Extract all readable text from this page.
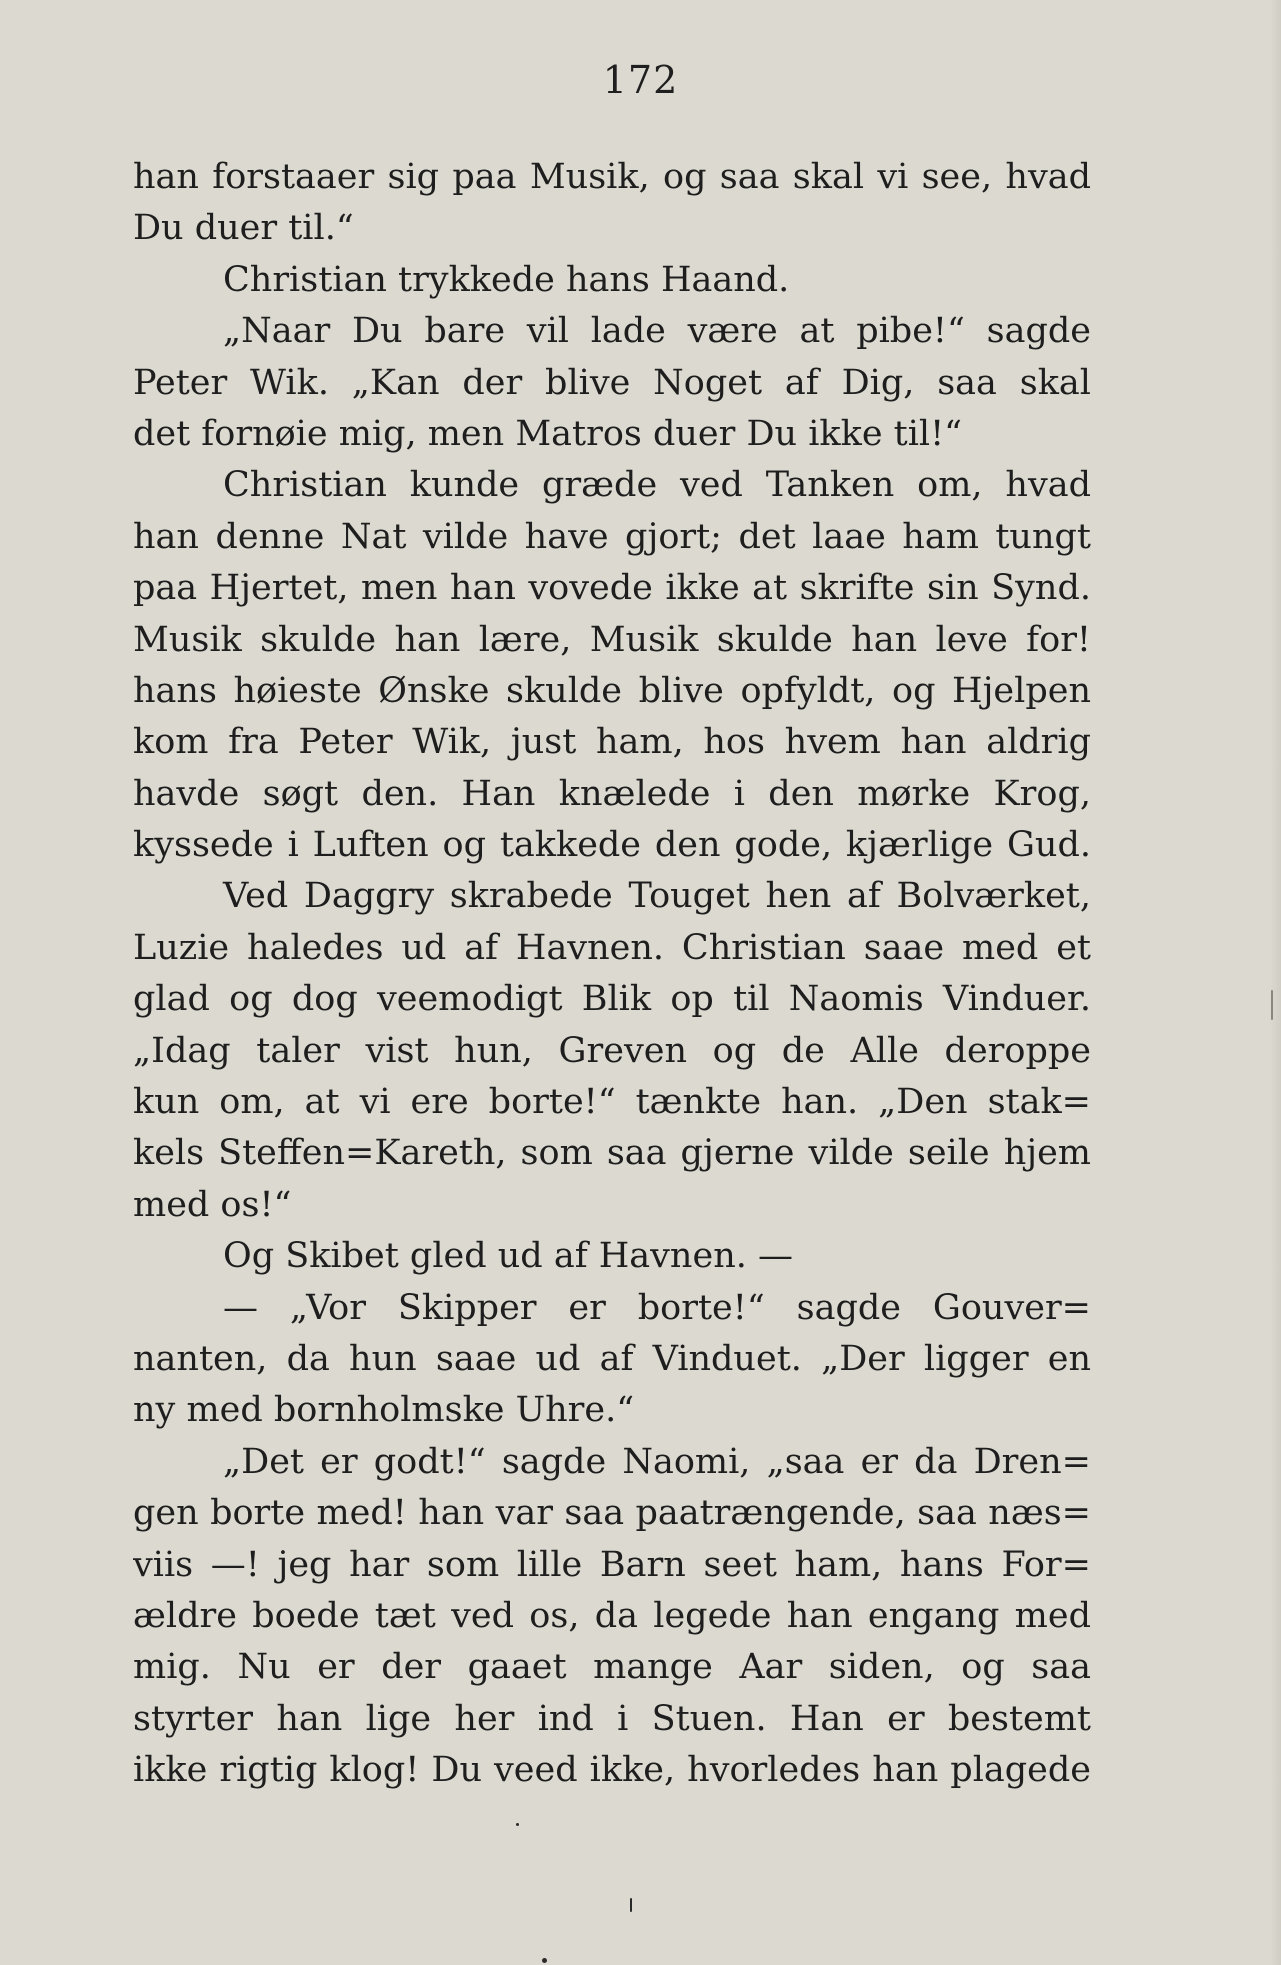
172
han forstaaer sig paa Musik, og saa skal vi see, hvad
Du duer til.“
Christian trykkede hans Haand.
„Naar Du bare vil lade være at pibe!“ sagde
Peter Wik. „Kan der blive Noget af Dig, saa skal
det fornøie mig, men Matros duer Du ikke til!“
Christian kunde græde ved Tanken om, hvad
han denne Nat vilde have gjort; det laae ham tungt
paa Hjertet, men han vovede ikke at skrifte sin Synd.
Musik skulde han lære, Musik skulde han leve for!
hans høieste Ønske skulde blive opfyldt, og Hjelpen
kom fra Peter Wik, just ham, hos hvem han aldrig
havde søgt den. Han knælede i den mørke Krog,
kyssede i Luften og takkede den gode, kjærlige Gud.
Ved Daggry skrabede Touget hen af Bolværket,
Luzie haledes ud af Havnen. Christian saae med et
glad og dog veemodigt Blik op til Naomis Vinduer.
„Idag taler vist hun, Greven og de Alle deroppe
kun om, at vi ere borte!“ tænkte han. „Den stak=
kels Steffen=Kareth, som saa gjerne vilde seile hjem
med os!“
Og Skibet gled ud af Havnen. —
— „Vor Skipper er borte!“ sagde Gouver=
nanten, da hun saae ud af Vinduet. „Der ligger en
ny med bornholmske Uhre.“
„Det er godt!“ sagde Naomi, „saa er da Dren=
gen borte med! han var saa paatrængende, saa næs=
viis —! jeg har som lille Barn seet ham, hans For=
ældre boede tæt ved os, da legede han engang med
mig. Nu er der gaaet mange Aar siden, og saa
styrter han lige her ind i Stuen. Han er bestemt
ikke rigtig klog! Du veed ikke, hvorledes han plagede
